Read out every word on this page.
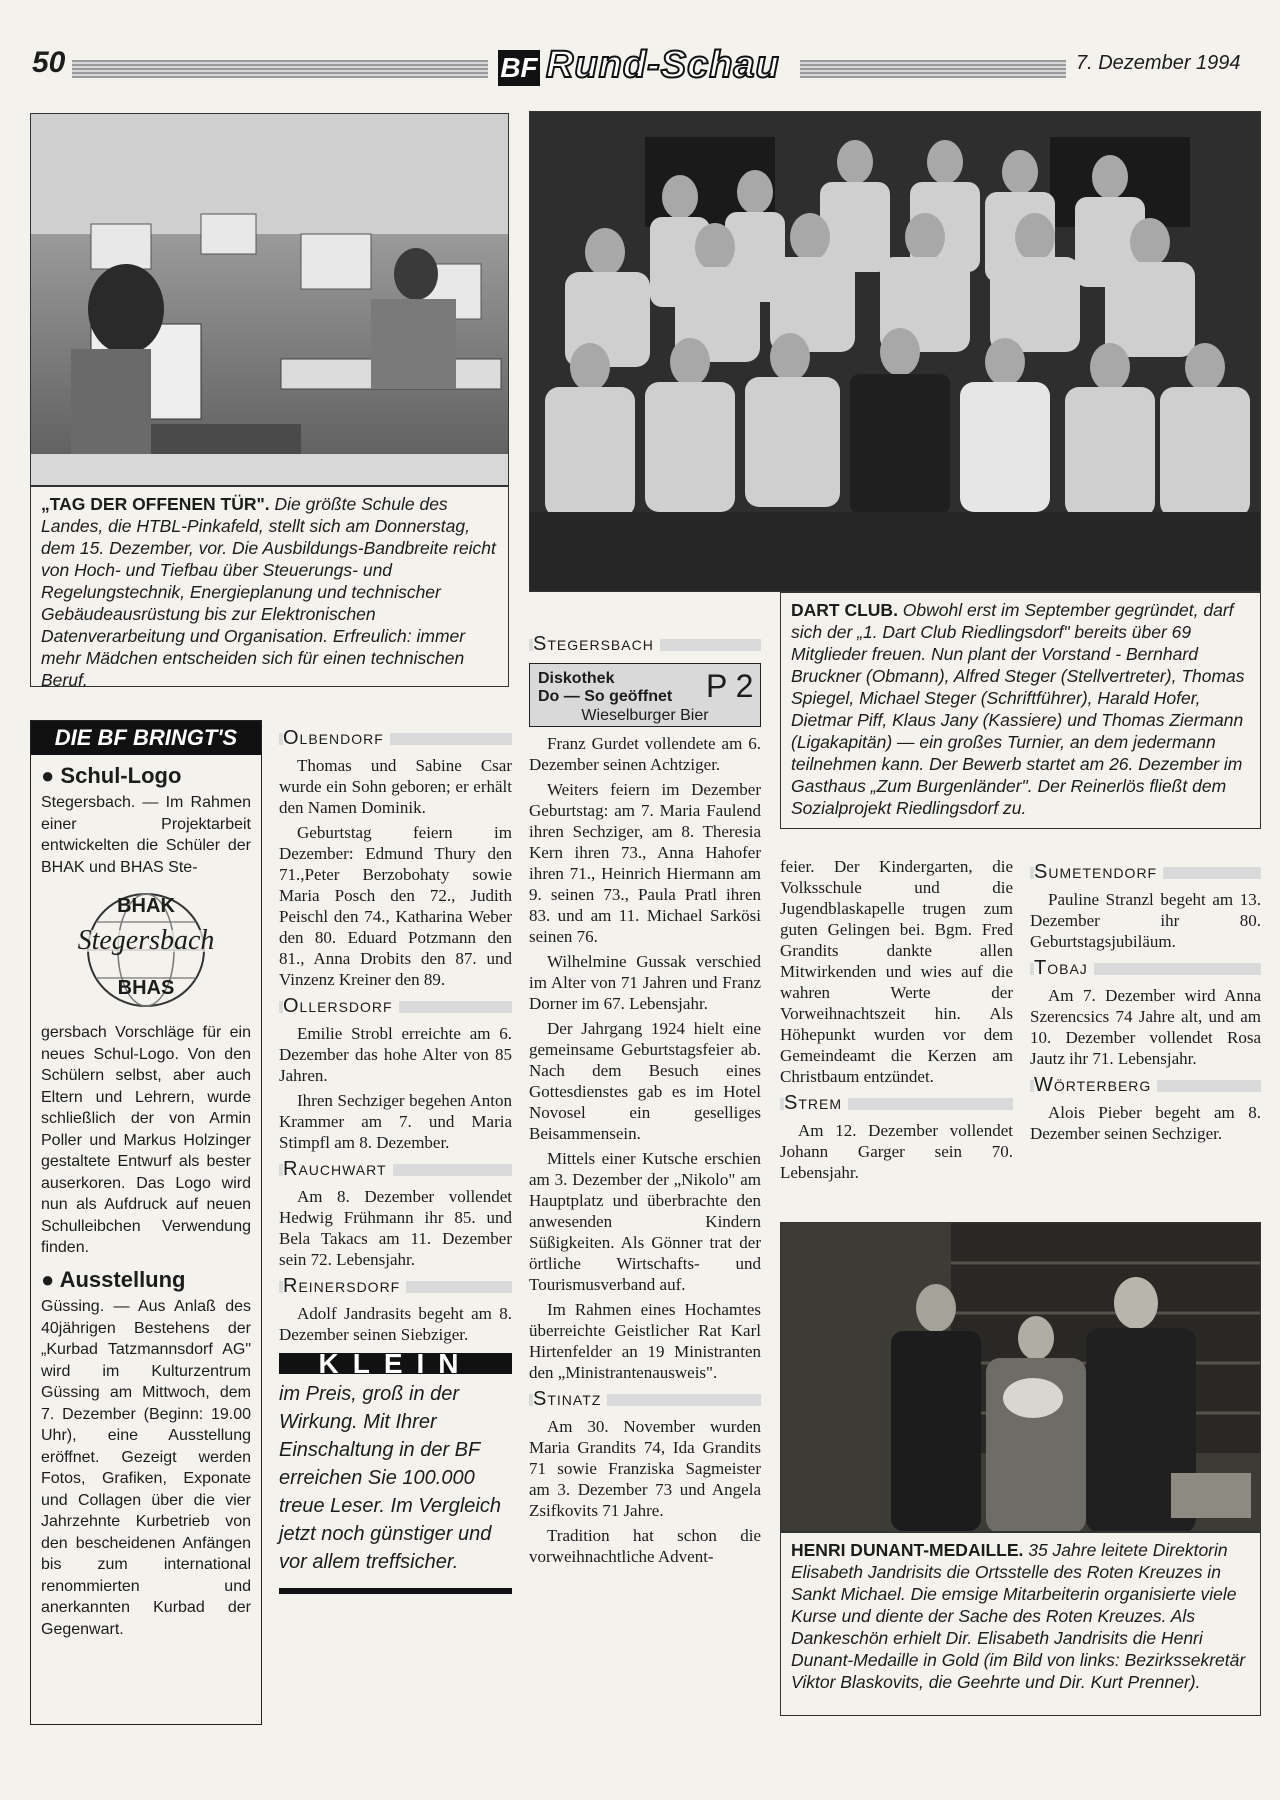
50	BF Rund-Schau	7. Dezember 1994
„TAG DER OFFENEN TÜR". Die größte Schule des Landes, die HTBL-Pinkafeld, stellt sich am Donnerstag, dem 15. Dezember, vor. Die Ausbildungs-Bandbreite reicht von Hoch- und Tiefbau über Steuerungs- und Regelungstechnik, Energieplanung und technischer Gebäudeausrüstung bis zur Elektronischen Datenverarbeitung und Organisation. Erfreulich: immer mehr Mädchen entscheiden sich für einen technischen Beruf.
DART CLUB. Obwohl erst im September gegründet, darf sich der „1. Dart Club Riedlingsdorf" bereits über 69 Mitglieder freuen. Nun plant der Vorstand - Bernhard Bruckner (Obmann), Alfred Steger (Stellvertreter), Thomas Spiegel, Michael Steger (Schriftführer), Harald Hofer, Dietmar Piff, Klaus Jany (Kassiere) und Thomas Ziermann (Ligakapitän) — ein großes Turnier, an dem jedermann teilnehmen kann. Der Bewerb startet am 26. Dezember im Gasthaus „Zum Burgenländer". Der Reinerlös fließt dem Sozialprojekt Riedlingsdorf zu.
DIE BF BRINGT'S
● Schul-Logo

Stegersbach. — Im Rahmen einer Projektarbeit entwickelten die Schüler der BHAK und BHAS Ste-

BHAK
Stegersbach
BHAS

gersbach Vorschläge für ein neues Schul-Logo. Von den Schülern selbst, aber auch Eltern und Lehrern, wurde schließlich der von Armin Poller und Markus Holzinger gestaltete Entwurf als bester auserkoren. Das Logo wird nun als Aufdruck auf neuen Schulleibchen Verwendung finden.

● Ausstellung

Güssing. — Aus Anlaß des 40jährigen Bestehens der „Kurbad Tatzmannsdorf AG" wird im Kulturzentrum Güssing am Mittwoch, dem 7. Dezember (Beginn: 19.00 Uhr), eine Ausstellung eröffnet. Gezeigt werden Fotos, Grafiken, Exponate und Collagen über die vier Jahrzehnte Kurbetrieb von den bescheidenen Anfängen bis zum international renommierten und anerkannten Kurbad der Gegenwart.

Olbendorf

Thomas und Sabine Csar wurde ein Sohn geboren; er erhält den Namen Dominik.

Geburtstag feiern im Dezember: Edmund Thury den 71.,Peter Berzobohaty sowie Maria Posch den 72., Judith Peischl den 74., Katharina Weber den 80. Eduard Potzmann den 81., Anna Drobits den 87. und Vinzenz Kreiner den 89.

Ollersdorf

Emilie Strobl erreichte am 6. Dezember das hohe Alter von 85 Jahren.

Ihren Sechziger begehen Anton Krammer am 7. und Maria Stimpfl am 8. Dezember.

Rauchwart

Am 8. Dezember vollendet Hedwig Frühmann ihr 85. und Bela Takacs am 11. Dezember sein 72. Lebensjahr.

Reinersdorf

Adolf Jandrasits begeht am 8. Dezember seinen Siebziger.

KLEIN
im Preis, groß in der Wirkung. Mit Ihrer Einschaltung in der BF erreichen Sie 100.000 treue Leser. Im Vergleich jetzt noch günstiger und vor allem treffsicher.
Stegersbach
Diskothek
Do — So geöffnet P 2
Wieselburger Bier

Franz Gurdet vollendete am 6. Dezember seinen Achtziger.

Weiters feiern im Dezember Geburtstag: am 7. Maria Faulend ihren Sechziger, am 8. Theresia Kern ihren 73., Anna Hahofer ihren 71., Heinrich Hiermann am 9. seinen 73., Paula Pratl ihren 83. und am 11. Michael Sarkösi seinen 76.

Wilhelmine Gussak verschied im Alter von 71 Jahren und Franz Dorner im 67. Lebensjahr.

Der Jahrgang 1924 hielt eine gemeinsame Geburtstagsfeier ab. Nach dem Besuch eines Gottesdienstes gab es im Hotel Novosel ein geselliges Beisammensein.

Mittels einer Kutsche erschien am 3. Dezember der „Nikolo" am Hauptplatz und überbrachte den anwesenden Kindern Süßigkeiten. Als Gönner trat der örtliche Wirtschafts- und Tourismusverband auf.

Im Rahmen eines Hochamtes überreichte Geistlicher Rat Karl Hirtenfelder an 19 Ministranten den „Ministrantenausweis".

Stinatz

Am 30. November wurden Maria Grandits 74, Ida Grandits 71 sowie Franziska Sagmeister am 3. Dezember 73 und Angela Zsifkovits 71 Jahre.

Tradition hat schon die vorweihnachtliche Advent-

feier. Der Kindergarten, die Volksschule und die Jugendblaskapelle trugen zum guten Gelingen bei. Bgm. Fred Grandits dankte allen Mitwirkenden und wies auf die wahren Werte der Vorweihnachtszeit hin. Als Höhepunkt wurden vor dem Gemeindeamt die Kerzen am Christbaum entzündet.

Strem

Am 12. Dezember vollendet Johann Garger sein 70. Lebensjahr.

Sumetendorf

Pauline Stranzl begeht am 13. Dezember ihr 80. Geburtstagsjubiläum.

Tobaj

Am 7. Dezember wird Anna Szerencsics 74 Jahre alt, und am 10. Dezember vollendet Rosa Jautz ihr 71. Lebensjahr.

Wörterberg

Alois Pieber begeht am 8. Dezember seinen Sechziger.

HENRI DUNANT-MEDAILLE. 35 Jahre leitete Direktorin Elisabeth Jandrisits die Ortsstelle des Roten Kreuzes in Sankt Michael. Die emsige Mitarbeiterin organisierte viele Kurse und diente der Sache des Roten Kreuzes. Als Dankeschön erhielt Dir. Elisabeth Jandrisits die Henri Dunant-Medaille in Gold (im Bild von links: Bezirkssekretär Viktor Blaskovits, die Geehrte und Dir. Kurt Prenner).
